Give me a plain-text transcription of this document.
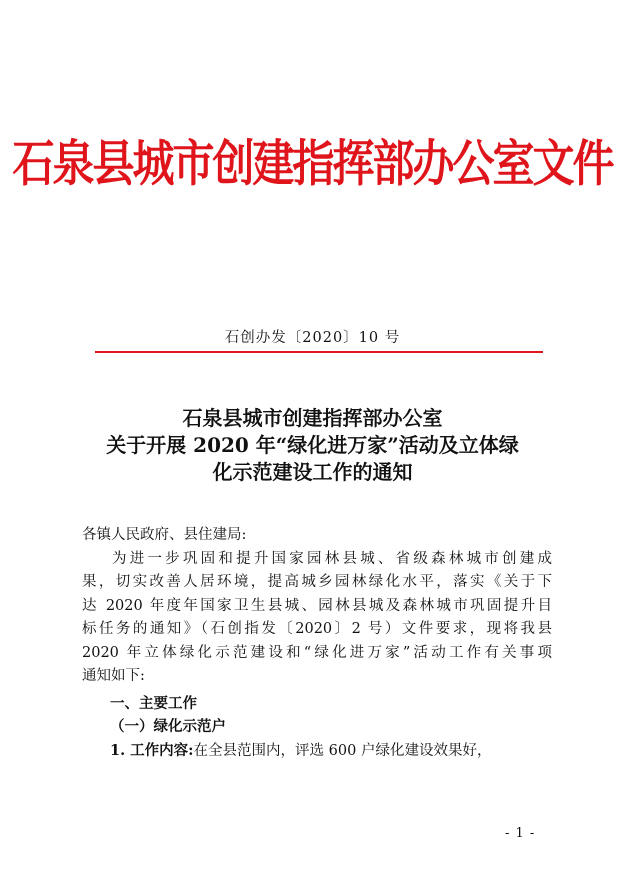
石泉县城市创建指挥部办公室文件
石创办发〔2020〕10 号
石泉县城市创建指挥部办公室
关于开展 2020 年“绿化进万家”活动及立体绿
化示范建设工作的通知

各镇人民政府、县住建局:

为进一步巩固和提升国家园林县城、省级森林城市创建成

果，切实改善人居环境，提高城乡园林绿化水平，落实《关于下

达 2020 年度年国家卫生县城、园林县城及森林城市巩固提升目

标任务的通知》（石创指发〔2020〕2 号）文件要求，现将我县

2020 年立体绿化示范建设和“绿化进万家”活动工作有关事项

通知如下:

一、主要工作

（一）绿化示范户

1. 工作内容:在全县范围内，评选 600 户绿化建设效果好，

- 1 -
